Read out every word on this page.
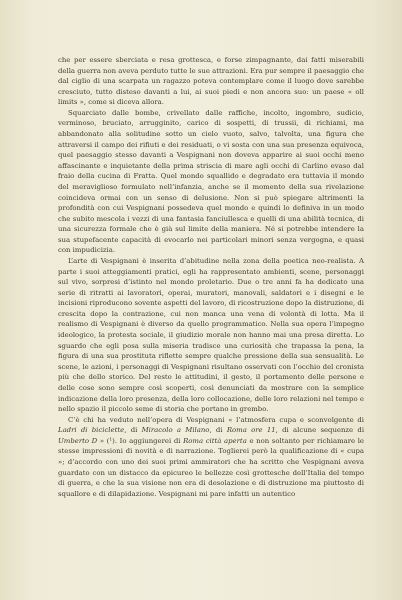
che per essere sberciata e resa grottesca, e forse zimpagnante, dai fatti miserabili della guerra non aveva perduto tutte le sue attrazioni. Era pur sempre il paesaggio che dal ciglio di una scarpata un ragazzo poteva contemplare come il luogo dove sarebbe cresciuto, tutto disteso davanti a lui, ai suoi piedi e non ancora suo: un paese « oll limits », come si diceva allora.

Squarciato dalle bombe, crivellato dalle raffiche, incolto, ingombro, sudicio, verminoso, bruciato, arrugginito, carico di sospetti, di trussii, di richiami, ma abbandonato alla solitudine sotto un cielo vuoto, salvo, talvolta, una figura che attraversi il campo dei rifiuti e dei residuati, o vi sosta con una sua presenza equivoca, quel paesaggio stesso davanti a Vespignani non doveva apparire ai suoi occhi meno affascinante e inquietante della prima striscia di mare agli occhi di Carlino evaso dal fraio della cucina di Fratta. Quel mondo squallido e degradato era tuttavia il mondo del meraviglioso formulato nell’infanzia, anche se il momento della sua rivelazione coincideva ormai con un senso di delusione. Non si può spiegare altrimenti la profondità con cui Vespignani possedeva quel mondo e quindi lo definiva in un modo che subito mescola i vezzi di una fantasia fanciullesca e quelli di una abilità tecnica, di una sicurezza formale che è già sul limite della maniera. Né si potrebbe intendere la sua stupefacente capacità di evocarlo nei particolari minori senza vergogna, e quasi con impudicizia.

L’arte di Vespignani è inserita d’abitudine nella zona della poetica neo-realista. A parte i suoi atteggiamenti pratici, egli ha rappresentato ambienti, scene, personaggi sul vivo, sorpresi d’istinto nel mondo proletario. Due o tre anni fa ha dedicato una serie di ritratti ai lavoratori, operai, muratori, manovali, saldatori e i disegni e le incisioni riproducono sovente aspetti del lavoro, di ricostruzione dopo la distruzione, di crescita dopo la contrazione, cui non manca una vena di volontà di lotta. Ma il realismo di Vespignani è diverso da quello programmatico. Nella sua opera l’impegno ideologico, la protesta sociale, il giudizio morale non hanno mai una presa diretta. Lo sguardo che egli posa sulla miseria tradisce una curiosità che trapassa la pena, la figura di una sua prostituta riflette sempre qualche pressione della sua sensualità. Le scene, le azioni, i personaggi di Vespignani risultano osservati con l’occhio del cronista più che dello storico. Del resto le attitudini, il gesto, il portamento delle persone e delle cose sono sempre così scoperti, così denunciati da mostrare con la semplice indicazione della loro presenza, della loro collocazione, delle loro relazioni nel tempo e nello spazio il piccolo seme di storia che portano in grembo.

C’è chi ha veduto nell’opera di Vespignani « l’atmosfera cupa e sconvolgente di Ladri di biciclette, di Miracolo a Milano, di Roma ore 11, di alcune sequenze di Umberto D » (¹). Io aggiungerei di Roma città aperta e non soltanto per richiamare le stesse impressioni di novità e di narrazione. Toglierei però la qualificazione di « cupa »; d’accordo con uno dei suoi primi ammiratori che ha scritto che Vespignani aveva guardato con un distacco da epicureo le bellezze così grottesche dell’Italia del tempo di guerra, e che la sua visione non era di desolazione e di distruzione ma piuttosto di squallore e di dilapidazione. Vespignani mi pare infatti un autentico
